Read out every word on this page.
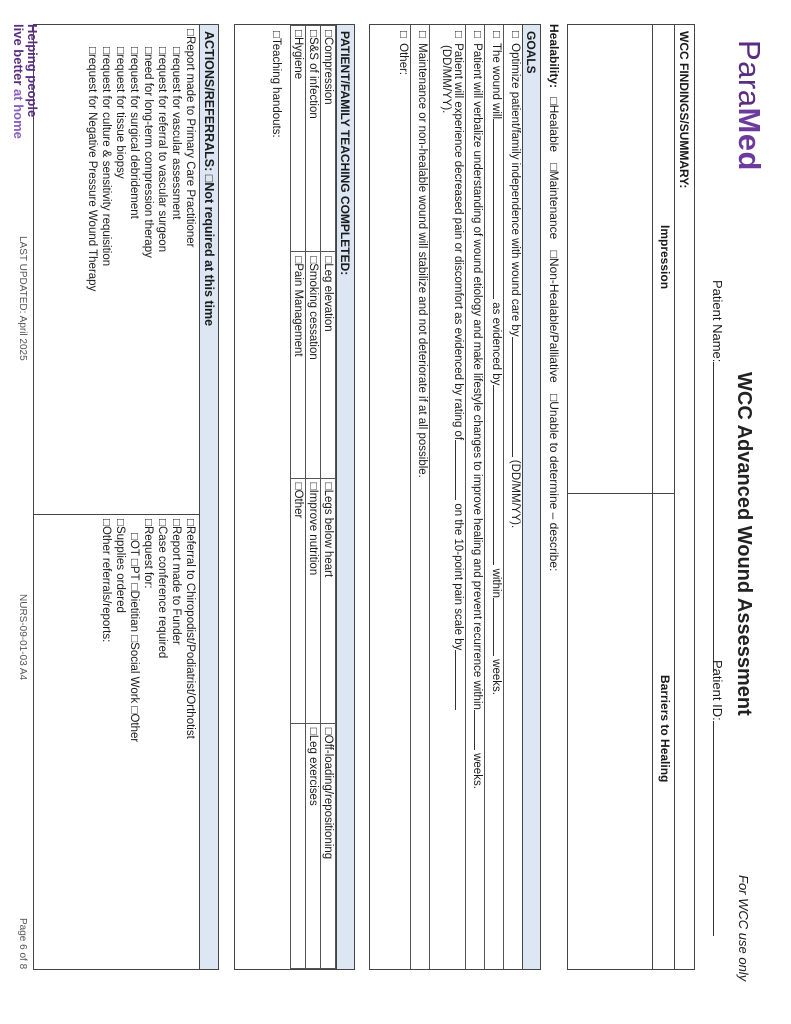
ParaMed
WCC Advanced Wound Assessment
For WCC use only
Patient Name:
Patient ID:
WCC FINDINGS/SUMMARY:
Impression
Barriers to Healing
Healability: □Healable □Maintenance □Non-Healable/Palliative □Unable to determine – describe:
GOALS
□ Optimize patient/family independence with wound care by (DD/MM/YY).
□ The wound will as evidenced by within weeks.
□ Patient will verbalize understanding of wound etiology and make lifestyle changes to improve healing and prevent recurrence within weeks.
□ Patient will experience decreased pain or discomfort as evidenced by rating of on the 10-point pain scale by
(DD/MM/YY).
□ Maintenance or non-healable wound will stabilize and not deteriorate if at all possible.
□ Other:
PATIENT/FAMILY TEACHING COMPLETED:
□Compression	□Leg elevation	□Legs below heart	□Off-loading/repositioning
□S&S of infection	□Smoking cessation	□Improve nutrition	□Leg exercises
□Hygiene	□Pain Management	□Other	
□Teaching handouts:
ACTIONS/REFERRALS: □Not required at this time
□Report made to Primary Care Practitioner
□request for vascular assessment
□request for referral to vascular surgeon
□need for long-term compression therapy
□request for surgical debridement
□request for tissue biopsy
□request for culture & sensitivity requisition
□request for Negative Pressure Wound Therapy
□Referral to Chiropodist/Podiatrist/Orthotist
□Report made to Funder
□Case conference required
□Request for:
□OT □PT □Dietitian □Social Work □Other
□Supplies ordered
□Other referrals/reports:
Helping people
live better at home
LAST UPDATED: April 2025
NURS-09-01-03 A4
Page 6 of 8
